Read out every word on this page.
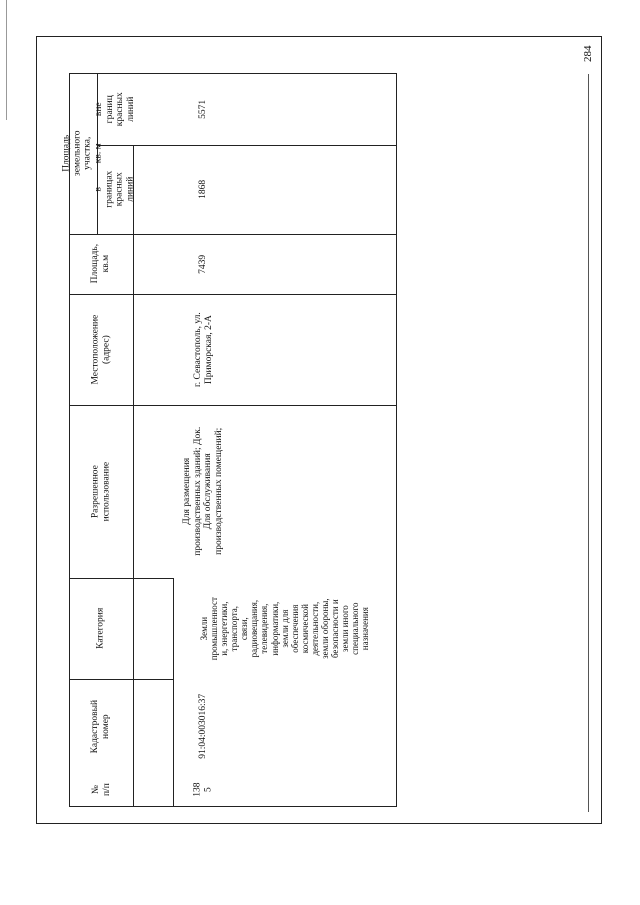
Площадь земельного участка,
кв. м
вне границ
красных
линий
в границах
красных
линий
Площадь,
кв.м
Местоположение
(адрес)
Разрешенное использование
Категория
Кадастровый
номер
№
п/п
5571
1868
7439
г. Севастополь, ул.
Приморская, 2-А
Для размещения
производственных зданий; Док.
Для обслуживания
производственных помещений;
Земли
промышленност
и, энергетики,
транспорта,
связи,
радиовещания,
телевидения,
информатики,
земли для
обеспечения
космической
деятельности,
земли обороны,
безопасности и
земли иного
специального
назначения
91:04:003016:37
138
5
284
